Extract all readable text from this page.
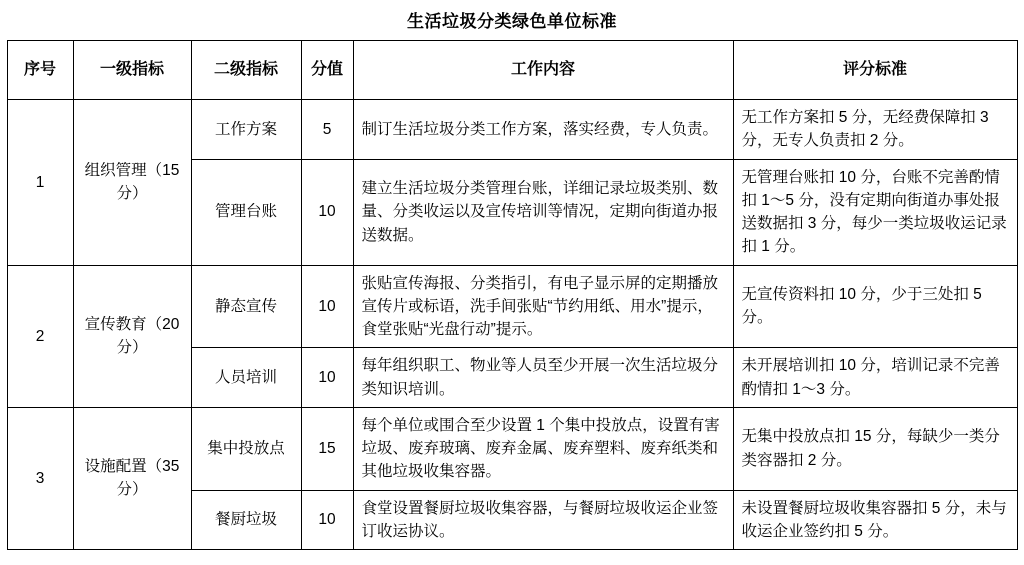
生活垃圾分类绿色单位标准
序号	一级指标	二级指标	分值	工作内容	评分标准
1	组织管理（15 分）	工作方案	5	制订生活垃圾分类工作方案，落实经费，专人负责。	无工作方案扣 5 分，无经费保障扣 3 分，无专人负责扣 2 分。
		管理台账	10	建立生活垃圾分类管理台账，详细记录垃圾类别、数量、分类收运以及宣传培训等情况，定期向街道办报送数据。	无管理台账扣 10 分，台账不完善酌情扣 1～5 分，没有定期向街道办事处报送数据扣 3 分，每少一类垃圾收运记录扣 1 分。
2	宣传教育（20 分）	静态宣传	10	张贴宣传海报、分类指引，有电子显示屏的定期播放宣传片或标语，洗手间张贴“节约用纸、用水”提示，食堂张贴“光盘行动”提示。	无宣传资料扣 10 分，少于三处扣 5 分。
		人员培训	10	每年组织职工、物业等人员至少开展一次生活垃圾分类知识培训。	未开展培训扣 10 分，培训记录不完善酌情扣 1～3 分。
3	设施配置（35 分）	集中投放点	15	每个单位或围合至少设置 1 个集中投放点，设置有害垃圾、废弃玻璃、废弃金属、废弃塑料、废弃纸类和其他垃圾收集容器。	无集中投放点扣 15 分，每缺少一类分类容器扣 2 分。
		餐厨垃圾	10	食堂设置餐厨垃圾收集容器，与餐厨垃圾收运企业签订收运协议。	未设置餐厨垃圾收集容器扣 5 分，未与收运企业签约扣 5 分。
